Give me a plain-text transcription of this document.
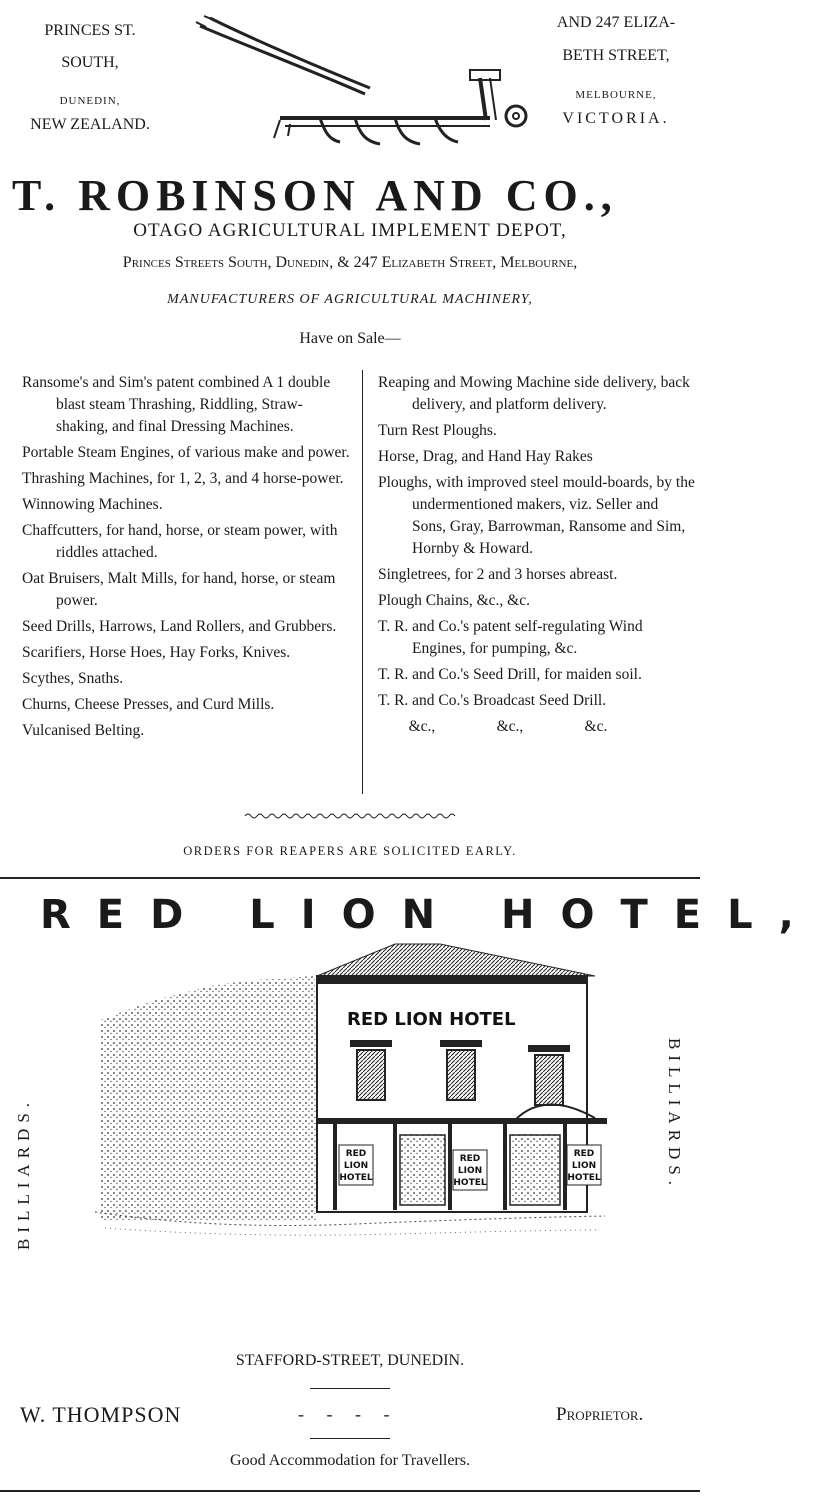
PRINCES ST.
SOUTH,
DUNEDIN,
NEW ZEALAND.
AND 247 ELIZA-
BETH STREET,
MELBOURNE,
VICTORIA.
T. ROBINSON AND CO.,
OTAGO AGRICULTURAL IMPLEMENT DEPOT,
Princes Streets South, Dunedin, & 247 Elizabeth Street, Melbourne,
MANUFACTURERS OF AGRICULTURAL MACHINERY,
Have on Sale—

Ransome's and Sim's patent combined A 1 double blast steam Thrashing, Riddling, Straw-shaking, and final Dressing Machines.

Portable Steam Engines, of various make and power.

Thrashing Machines, for 1, 2, 3, and 4 horse-power.

Winnowing Machines.

Chaffcutters, for hand, horse, or steam power, with riddles attached.

Oat Bruisers, Malt Mills, for hand, horse, or steam power.

Seed Drills, Harrows, Land Rollers, and Grubbers.

Scarifiers, Horse Hoes, Hay Forks, Knives.

Scythes, Snaths.

Churns, Cheese Presses, and Curd Mills.

Vulcanised Belting.

Reaping and Mowing Machine side delivery, back delivery, and platform delivery.

Turn Rest Ploughs.

Horse, Drag, and Hand Hay Rakes

Ploughs, with improved steel mould-boards, by the undermentioned makers, viz. Seller and Sons, Gray, Barrowman, Ransome and Sim, Hornby & Howard.

Singletrees, for 2 and 3 horses abreast.

Plough Chains, &c., &c.

T. R. and Co.'s patent self-regulating Wind Engines, for pumping, &c.

T. R. and Co.'s Seed Drill, for maiden soil.

T. R. and Co.'s Broadcast Seed Drill.

&c.,	&c.,	&c.
ORDERS FOR REAPERS ARE SOLICITED EARLY.
RED LION HOTEL,
BILLIARDS.	BILLIARDS.
RED LION HOTEL
RED
LION
HOTEL
RED
LION
HOTEL
RED
LION
HOTEL
STAFFORD-STREET, DUNEDIN.
W. THOMPSON	-     -     -     -	Proprietor.
Good Accommodation for Travellers.
